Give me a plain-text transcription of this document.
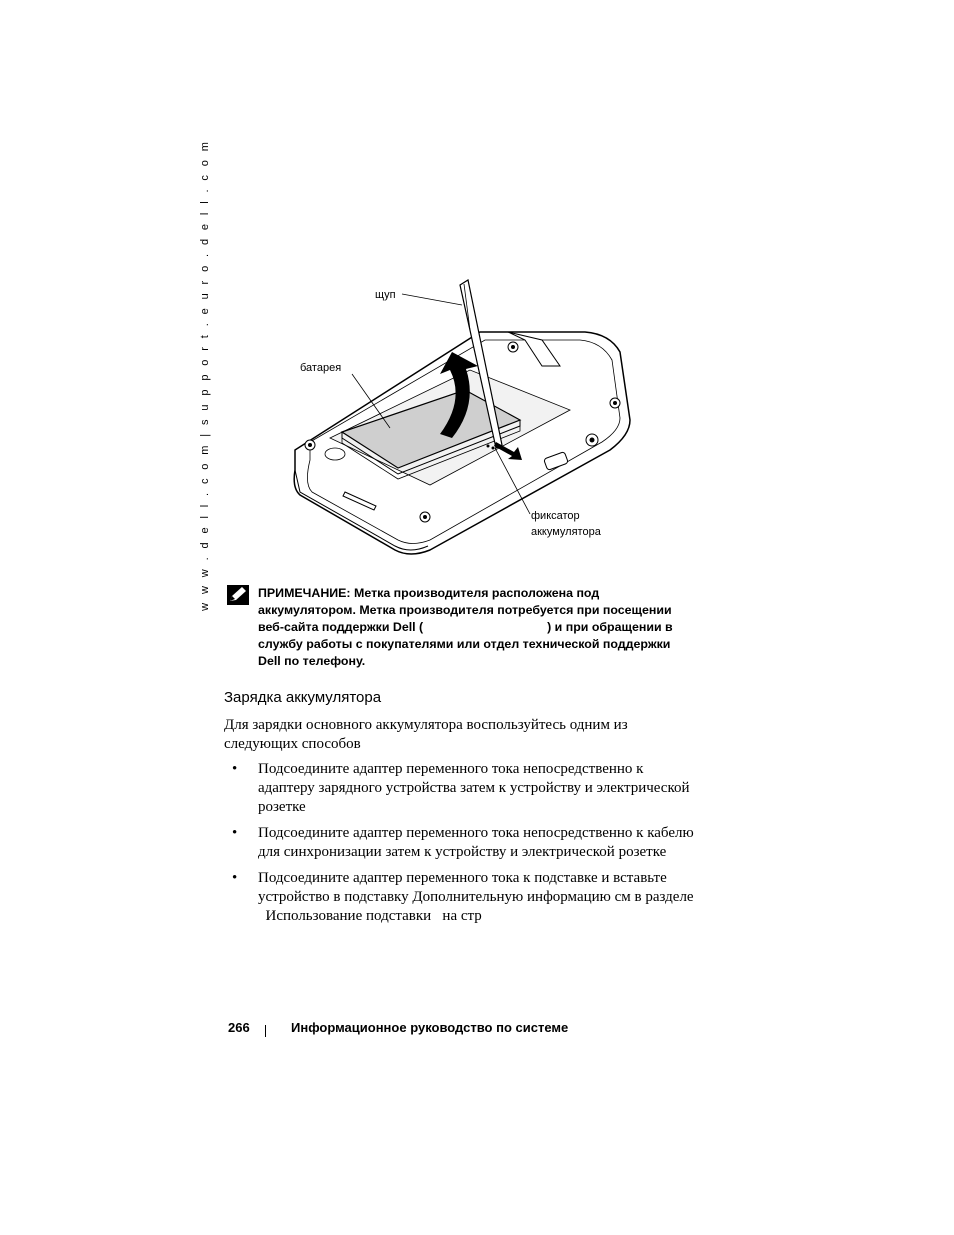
w w w . d e l l . c o m | s u p p o r t . e u r o . d e l l . c o m	щуп
батарея
фиксатор
аккумулятора
ПРИМЕЧАНИЕ: Метка производителя расположена под
аккумулятором. Метка производителя потребуется при посещении
веб-сайта поддержки Dell (                                    ) и при обращении в
службу работы с покупателями или отдел технической поддержки
Dell по телефону.
Зарядка аккумулятора
Для зарядки основного аккумулятора воспользуйтесь одним из
следующих способов
• Подсоедините адаптер переменного тока непосредственно к
адаптеру зарядного устройства затем к устройству и электрической
розетке
• Подсоедините адаптер переменного тока непосредственно к кабелю
для синхронизации затем к устройству и электрической розетке
• Подсоедините адаптер переменного тока к подставке и вставьте
устройство в подставку Дополнительную информацию см в разделе
Использование подставки   на стр
266	Информационное руководство по системе
